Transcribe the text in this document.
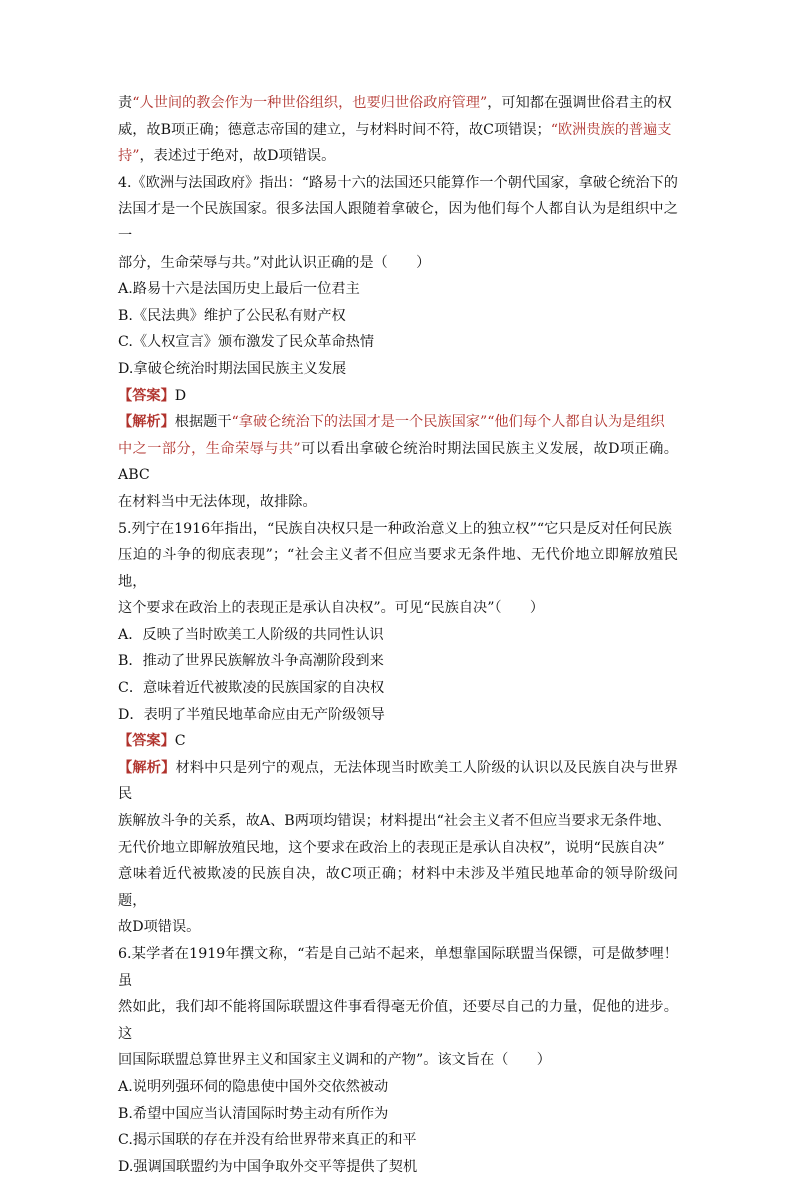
责“人世间的教会作为一种世俗组织，也要归世俗政府管理”，可知都在强调世俗君主的权

威，故B项正确；德意志帝国的建立，与材料时间不符，故C项错误；“欧洲贵族的普遍支

持”，表述过于绝对，故D项错误。

4.《欧洲与法国政府》指出：“路易十六的法国还只能算作一个朝代国家，拿破仑统治下的

法国才是一个民族国家。很多法国人跟随着拿破仑，因为他们每个人都自认为是组织中之一

部分，生命荣辱与共。”对此认识正确的是（　　）

A.路易十六是法国历史上最后一位君主

B.《民法典》维护了公民私有财产权

C.《人权宣言》颁布激发了民众革命热情

D.拿破仑统治时期法国民族主义发展

【答案】D

【解析】根据题干“拿破仑统治下的法国才是一个民族国家”“他们每个人都自认为是组织

中之一部分，生命荣辱与共”可以看出拿破仑统治时期法国民族主义发展，故D项正确。ABC

在材料当中无法体现，故排除。

5.列宁在1916年指出，“民族自决权只是一种政治意义上的独立权”“它只是反对任何民族

压迫的斗争的彻底表现”；“社会主义者不但应当要求无条件地、无代价地立即解放殖民地，

这个要求在政治上的表现正是承认自决权”。可见“民族自决”（　　）

A．反映了当时欧美工人阶级的共同性认识

B．推动了世界民族解放斗争高潮阶段到来

C．意味着近代被欺凌的民族国家的自决权

D．表明了半殖民地革命应由无产阶级领导

【答案】C

【解析】材料中只是列宁的观点，无法体现当时欧美工人阶级的认识以及民族自决与世界民

族解放斗争的关系，故A、B两项均错误；材料提出“社会主义者不但应当要求无条件地、

无代价地立即解放殖民地，这个要求在政治上的表现正是承认自决权”，说明“民族自决”

意味着近代被欺凌的民族自决，故C项正确；材料中未涉及半殖民地革命的领导阶级问题，

故D项错误。

6.某学者在1919年撰文称，“若是自己站不起来，单想靠国际联盟当保镖，可是做梦哩！虽

然如此，我们却不能将国际联盟这件事看得毫无价值，还要尽自己的力量，促他的进步。这

回国际联盟总算世界主义和国家主义调和的产物”。该文旨在（　　）

A.说明列强环伺的隐患使中国外交依然被动

B.希望中国应当认清国际时势主动有所作为

C.揭示国联的存在并没有给世界带来真正的和平

D.强调国联盟约为中国争取外交平等提供了契机
